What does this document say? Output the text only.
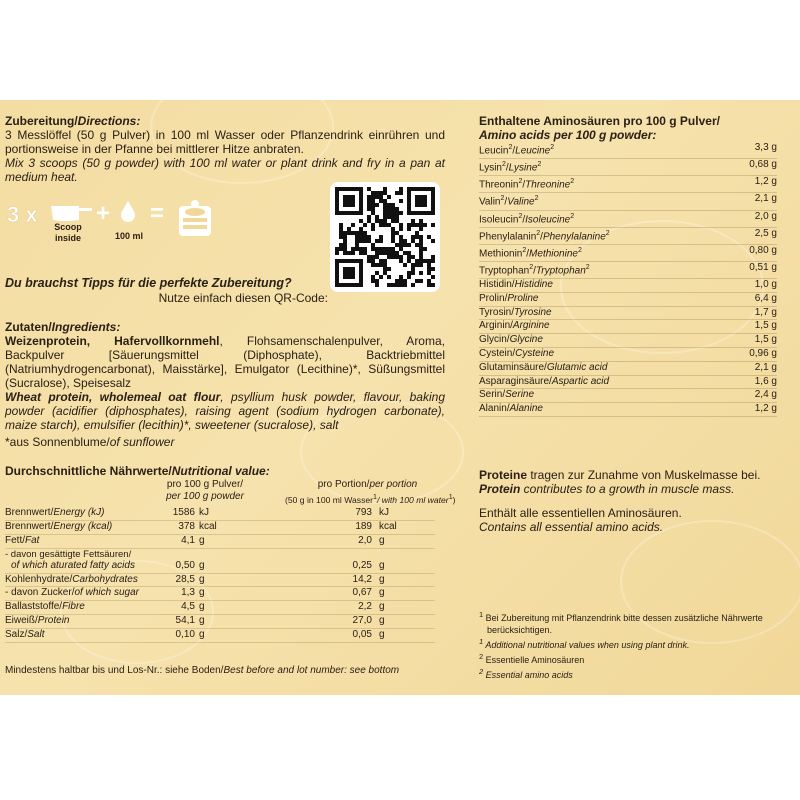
Zubereitung/Directions:
3 Messlöffel (50 g Pulver) in 100 ml Wasser oder Pflanzendrink einrühren und portionsweise in der Pfanne bei mittlerer Hitze anbraten.
Mix 3 scoops (50 g powder) with 100 ml water or plant drink and fry in a pan at medium heat.
3 x	Scoop
inside
+
100 ml
=
Du brauchst Tipps für die perfekte Zubereitung?
Nutze einfach diesen QR-Code:
Zutaten/Ingredients:
Weizenprotein, Hafervollkornmehl, Flohsamenschalenpulver, Aroma, Backpulver [Säuerungsmittel (Diphosphate), Backtriebmittel (Natriumhydrogencarbonat), Maisstärke], Emulgator (Lecithine)*, Süßungsmittel (Sucralose), Speisesalz
Wheat protein, wholemeal oat flour, psyllium husk powder, flavour, baking powder (acidifier (diphosphates), raising agent (sodium hydrogen carbonate), maize starch), emulsifier (lecithin)*, sweetener (sucralose), salt
*aus Sonnenblume/of sunflower
Durchschnittliche Nährwerte/Nutritional value:
pro 100 g Pulver/
per 100 g powder
pro Portion/per portion
(50 g in 100 ml Wasser$^1$/ with 100 ml water$^1$)
Brennwert/Energy (kJ)	1586 kJ	793 kJ
Brennwert/Energy (kcal)	378 kcal	189 kcal
Fett/Fat	4,1 g	2,0 g
- davon gesättigte Fettsäuren/
of which aturated fatty acids	0,50 g	0,25 g
Kohlenhydrate/Carbohydrates	28,5 g	14,2 g
- davon Zucker/of which sugar	1,3 g	0,67 g
Ballaststoffe/Fibre	4,5 g	2,2 g
Eiweiß/Protein	54,1 g	27,0 g
Salz/Salt	0,10 g	0,05 g
Mindestens haltbar bis und Los-Nr.: siehe Boden/Best before and lot number: see bottom
Enthaltene Aminosäuren pro 100 g Pulver/
Amino acids per 100 g powder:
Leucin$^2$/Leucine$^2$	3,3 g
Lysin$^2$/Lysine$^2$	0,68 g
Threonin$^2$/Threonine$^2$	1,2 g
Valin$^2$/Valine$^2$	2,1 g
Isoleucin$^2$/Isoleucine$^2$	2,0 g
Phenylalanin$^2$/Phenylalanine$^2$	2,5 g
Methionin$^2$/Methionine$^2$	0,80 g
Tryptophan$^2$/Tryptophan$^2$	0,51 g
Histidin/Histidine	1,0 g
Prolin/Proline	6,4 g
Tyrosin/Tyrosine	1,7 g
Arginin/Arginine	1,5 g
Glycin/Glycine	1,5 g
Cystein/Cysteine	0,96 g
Glutaminsäure/Glutamic acid	2,1 g
Asparaginsäure/Aspartic acid	1,6 g
Serin/Serine	2,4 g
Alanin/Alanine	1,2 g
Proteine tragen zur Zunahme von Muskelmasse bei.
Protein contributes to a growth in muscle mass.
Enthält alle essentiellen Aminosäuren.
Contains all essential amino acids.
$^1$ Bei Zubereitung mit Pflanzendrink bitte dessen zusätzliche Nährwerte berücksichtigen.
$^1$ Additional nutritional values when using plant drink.
$^2$ Essentielle Aminosäuren
$^2$ Essential amino acids
